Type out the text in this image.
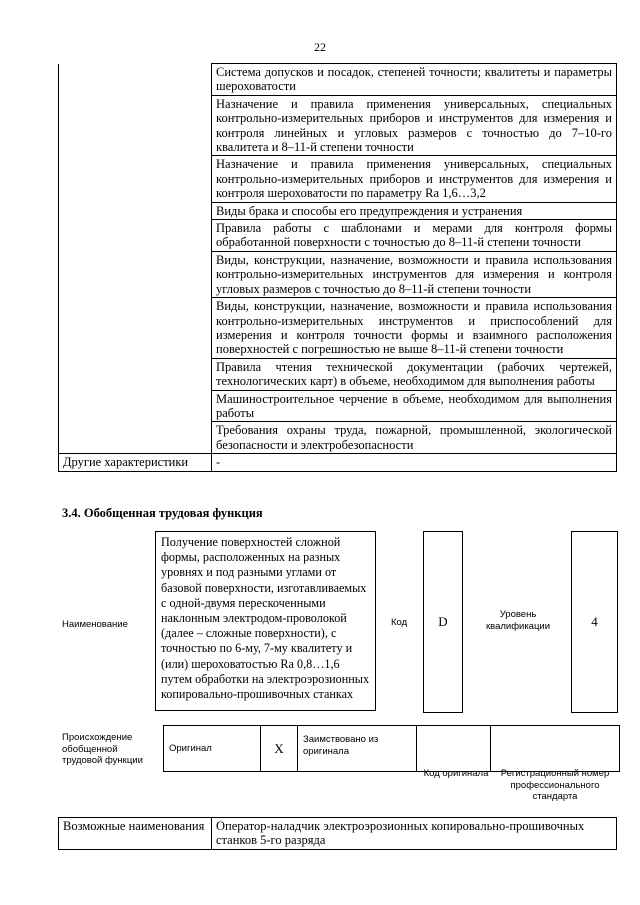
22
	Система допусков и посадок, степеней точности; квалитеты и параметры шероховатости
	Назначение и правила применения универсальных, специальных контрольно-измерительных приборов и инструментов для измерения и контроля линейных и угловых размеров с точностью до 7–10-го квалитета и 8–11-й степени точности
	Назначение и правила применения универсальных, специальных контрольно-измерительных приборов и инструментов для измерения и контроля шероховатости по параметру Ra 1,6…3,2
	Виды брака и способы его предупреждения и устранения
	Правила работы с шаблонами и мерами для контроля формы обработанной поверхности с точностью до 8–11-й степени точности
	Виды, конструкции, назначение, возможности и правила использования контрольно-измерительных инструментов для измерения и контроля угловых размеров с точностью до 8–11-й степени точности
	Виды, конструкции, назначение, возможности и правила использования контрольно-измерительных инструментов и приспособлений для измерения и контроля точности формы и взаимного расположения поверхностей с погрешностью не выше 8–11-й степени точности
	Правила чтения технической документации (рабочих чертежей, технологических карт) в объеме, необходимом для выполнения работы
	Машиностроительное черчение в объеме, необходимом для выполнения работы
	Требования охраны труда, пожарной, промышленной, экологической безопасности и электробезопасности
Другие характеристики	-
3.4. Обобщенная трудовая функция
Наименование
Получение поверхностей сложной формы, расположенных на разных уровнях и под разными углами от базовой поверхности, изготавливаемых с одной-двумя перескоченными наклонным электродом-проволокой (далее – сложные поверхности), с точностью по 6-му, 7-му квалитету и (или) шероховатостью Ra 0,8…1,6 путем обработки на электроэрозионных копировально-прошивочных станках
Код	D	Уровень квалификации	4
Происхождение обобщенной трудовой функции
Оригинал	X	Заимствовано из оригинала		
Код оригинала	Регистрационный номер профессионального стандарта
Возможные наименования	Оператор-наладчик электроэрозионных копировально-прошивочных станков 5-го разряда
